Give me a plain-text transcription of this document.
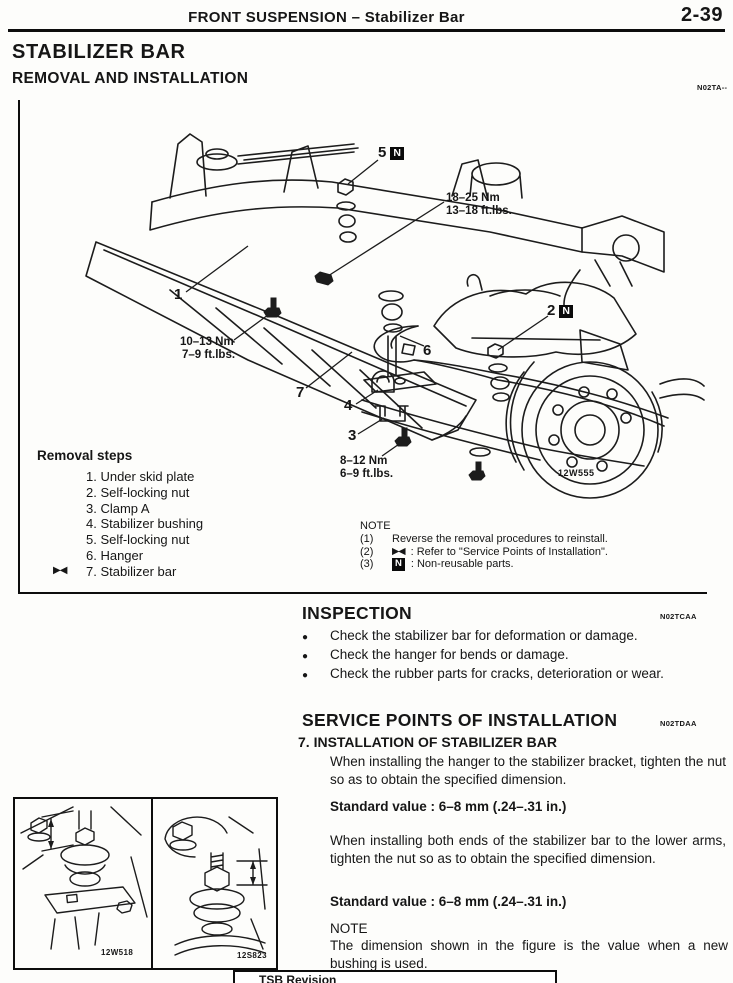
FRONT SUSPENSION – Stabilizer Bar	2-39
STABILIZER BAR
REMOVAL AND INSTALLATION
N02TA--
5 N
18–25 Nm
13–18 ft.lbs.
2 N
1
10–13 Nm
7–9 ft.lbs.
7
6
4
3
8–12 Nm
6–9 ft.lbs.	12W555
Removal steps
1. Under skid plate
2. Self-locking nut
3. Clamp A
4. Stabilizer bushing
5. Self-locking nut
6. Hanger
7. Stabilizer bar
▶◀
NOTE
(1)	Reverse the removal procedures to reinstall.
(2)	▶◀ : Refer to "Service Points of Installation".
(3)	N : Non-reusable parts.
INSPECTION	N02TCAA
●	Check the stabilizer bar for deformation or damage.
●	Check the hanger for bends or damage.
●	Check the rubber parts for cracks, deterioration or wear.
SERVICE POINTS OF INSTALLATION	N02TDAA
7. INSTALLATION OF STABILIZER BAR
When installing the hanger to the stabilizer bracket, tighten the nut so as to obtain the specified dimension.
Standard value : 6–8 mm (.24–.31 in.)
When installing both ends of the stabilizer bar to the lower arms, tighten the nut so as to obtain the specified dimension.
Standard value : 6–8 mm (.24–.31 in.)
NOTE
The dimension shown in the figure is the value when a new bushing is used.
12W518	12S823
TSB Revision
